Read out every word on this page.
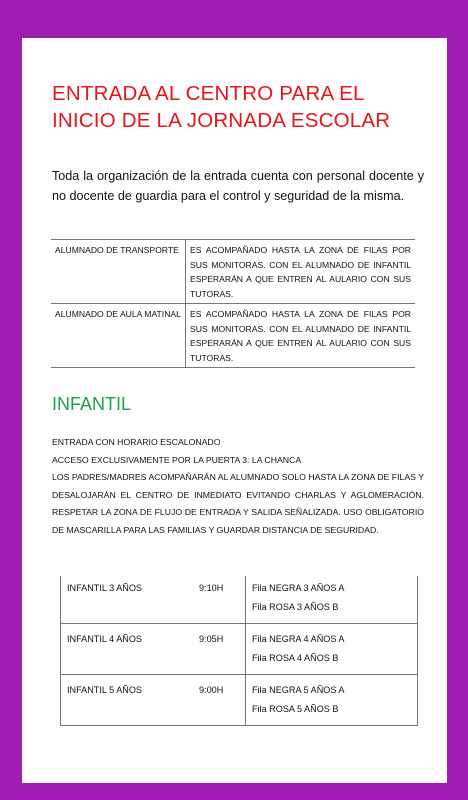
ENTRADA AL CENTRO PARA EL INICIO DE LA JORNADA ESCOLAR
Toda la organización de la entrada cuenta con personal docente y no docente de guardia para el control y seguridad de la misma.
ALUMNADO DE TRANSPORTE	ES ACOMPAÑADO HASTA LA ZONA DE FILAS POR SUS MONITORAS. CON EL ALUMNADO DE INFANTIL ESPERARÁN A QUE ENTREN AL AULARIO CON SUS TUTORAS.
ALUMNADO DE AULA MATINAL	ES ACOMPAÑADO HASTA LA ZONA DE FILAS POR SUS MONITORAS. CON EL ALUMNADO DE INFANTIL ESPERARÁN A QUE ENTREN AL AULARIO CON SUS TUTORAS.
INFANTIL

ENTRADA CON HORARIO ESCALONADO

ACCESO EXCLUSIVAMENTE POR LA PUERTA 3: LA CHANCA

LOS PADRES/MADRES ACOMPAÑARÁN AL ALUMNADO SOLO HASTA LA ZONA DE FILAS Y DESALOJARÁN EL CENTRO DE INMEDIATO EVITANDO CHARLAS Y AGLOMERACIÓN. RESPETAR LA ZONA DE FLUJO DE ENTRADA Y SALIDA SEÑALIZADA. USO OBLIGATORIO DE MASCARILLA PARA LAS FAMILIAS Y GUARDAR DISTANCIA DE SEGURIDAD.

INFANTIL 3 AÑOS	9:10H	Fila NEGRA 3 AÑOS A
Fila ROSA 3 AÑOS B

INFANTIL 4 AÑOS	9:05H	Fila NEGRA 4 AÑOS A
Fila ROSA 4 AÑOS B

INFANTIL 5 AÑOS	9:00H	Fila NEGRA 5 AÑOS A
Fila ROSA 5 AÑOS B
